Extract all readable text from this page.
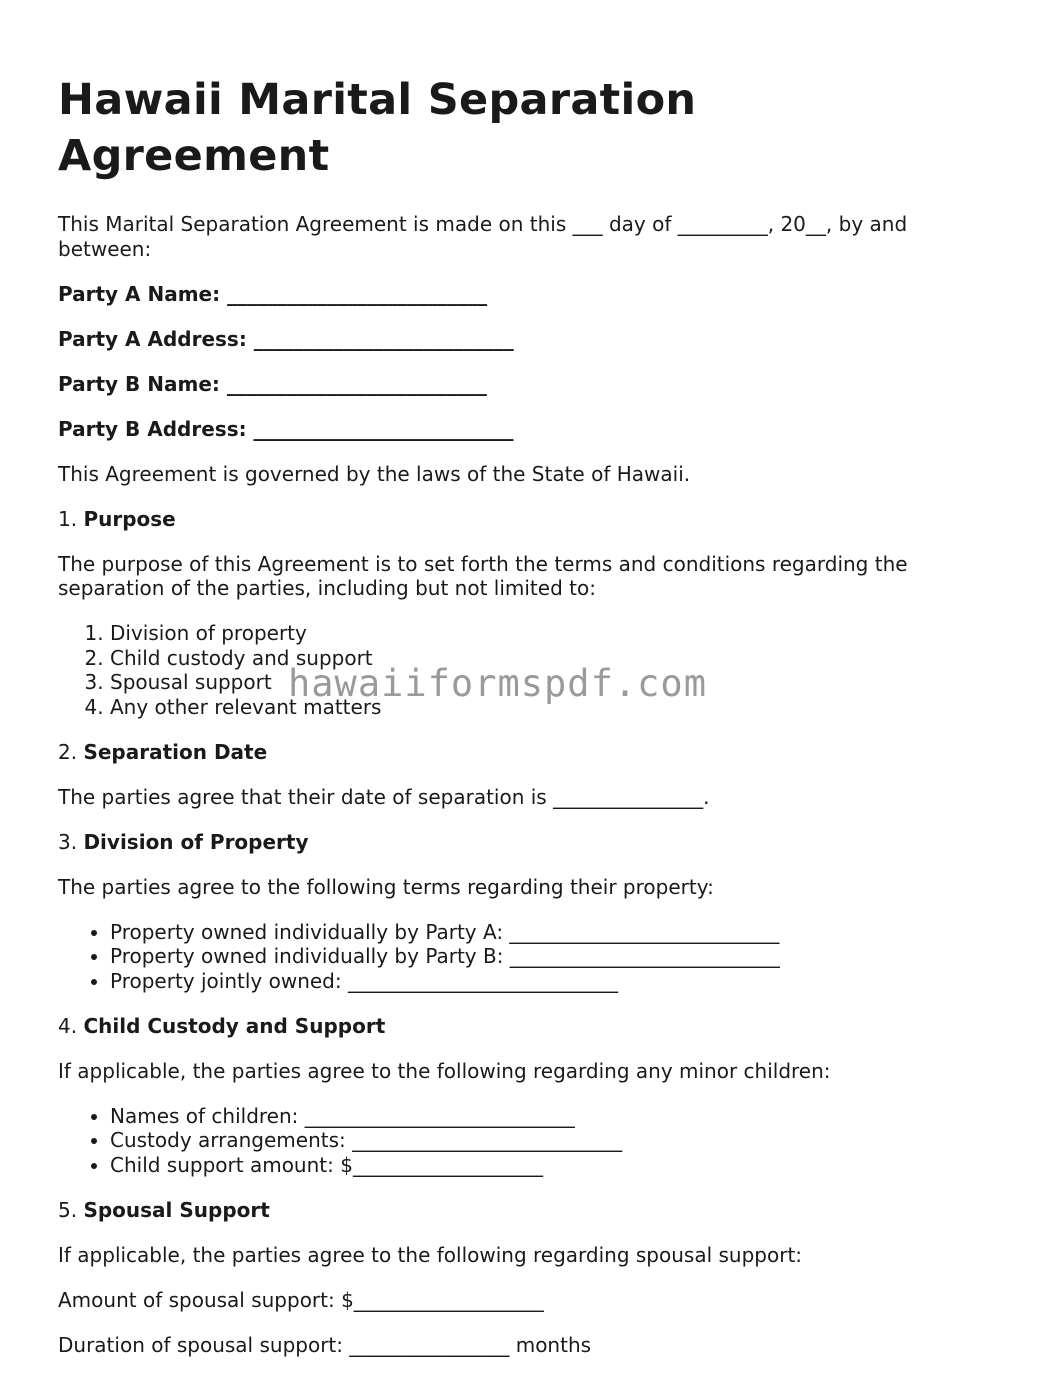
Hawaii Marital Separation Agreement

This Marital Separation Agreement is made on this ___ day of _________, 20__, by and between:

Party A Name: __________________________

Party A Address: __________________________

Party B Name: __________________________

Party B Address: __________________________

This Agreement is governed by the laws of the State of Hawaii.

1. Purpose

The purpose of this Agreement is to set forth the terms and conditions regarding the separation of the parties, including but not limited to:

1. Division of property
2. Child custody and support
3. Spousal support
4. Any other relevant matters

2. Separation Date

The parties agree that their date of separation is _______________.

3. Division of Property

The parties agree to the following terms regarding their property:

• Property owned individually by Party A: ___________________________
• Property owned individually by Party B: ___________________________
• Property jointly owned: ___________________________

4. Child Custody and Support

If applicable, the parties agree to the following regarding any minor children:

• Names of children: ___________________________
• Custody arrangements: ___________________________
• Child support amount: $___________________

5. Spousal Support

If applicable, the parties agree to the following regarding spousal support:

Amount of spousal support: $___________________

Duration of spousal support: ________________ months

hawaiiformspdf.com
